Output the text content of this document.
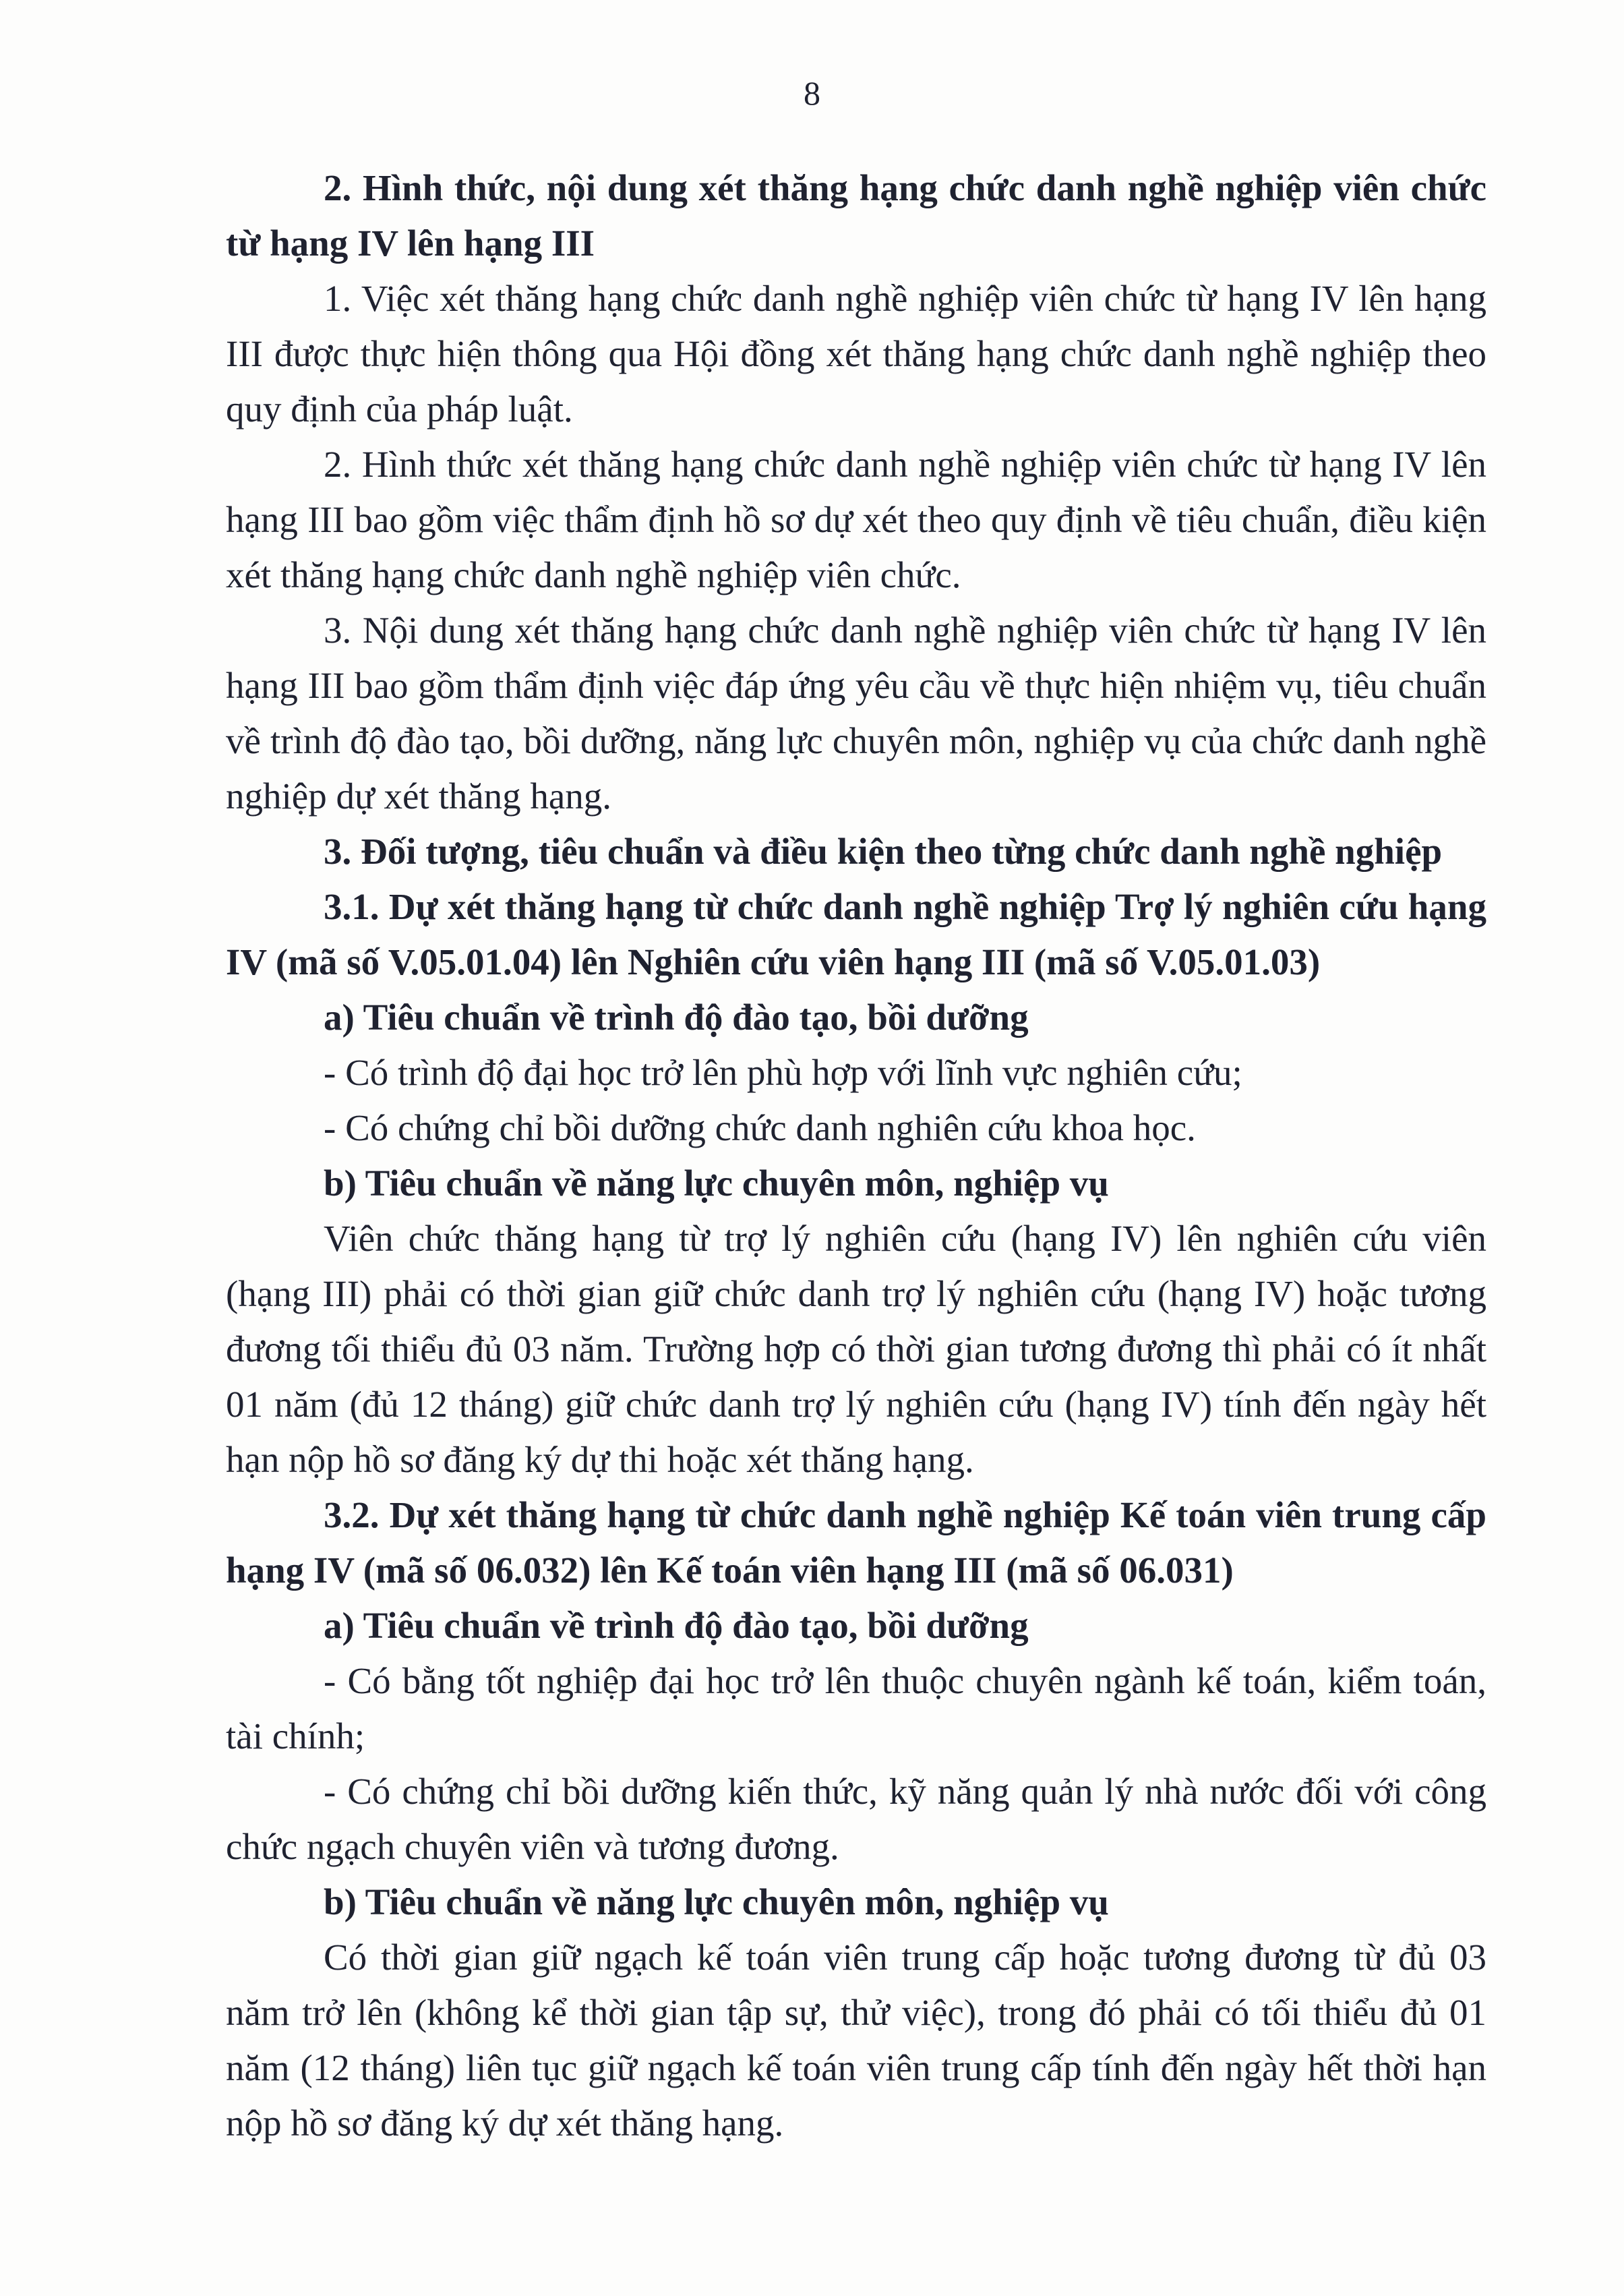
8

2. Hình thức, nội dung xét thăng hạng chức danh nghề nghiệp viên chức từ hạng IV lên hạng III

1. Việc xét thăng hạng chức danh nghề nghiệp viên chức từ hạng IV lên hạng III được thực hiện thông qua Hội đồng xét thăng hạng chức danh nghề nghiệp theo quy định của pháp luật.

2. Hình thức xét thăng hạng chức danh nghề nghiệp viên chức từ hạng IV lên hạng III bao gồm việc thẩm định hồ sơ dự xét theo quy định về tiêu chuẩn, điều kiện xét thăng hạng chức danh nghề nghiệp viên chức.

3. Nội dung xét thăng hạng chức danh nghề nghiệp viên chức từ hạng IV lên hạng III bao gồm thẩm định việc đáp ứng yêu cầu về thực hiện nhiệm vụ, tiêu chuẩn về trình độ đào tạo, bồi dưỡng, năng lực chuyên môn, nghiệp vụ của chức danh nghề nghiệp dự xét thăng hạng.

3. Đối tượng, tiêu chuẩn và điều kiện theo từng chức danh nghề nghiệp

3.1. Dự xét thăng hạng từ chức danh nghề nghiệp Trợ lý nghiên cứu hạng IV (mã số V.05.01.04) lên Nghiên cứu viên hạng III (mã số V.05.01.03)

a) Tiêu chuẩn về trình độ đào tạo, bồi dưỡng

- Có trình độ đại học trở lên phù hợp với lĩnh vực nghiên cứu;

- Có chứng chỉ bồi dưỡng chức danh nghiên cứu khoa học.

b) Tiêu chuẩn về năng lực chuyên môn, nghiệp vụ

Viên chức thăng hạng từ trợ lý nghiên cứu (hạng IV) lên nghiên cứu viên (hạng III) phải có thời gian giữ chức danh trợ lý nghiên cứu (hạng IV) hoặc tương đương tối thiểu đủ 03 năm. Trường hợp có thời gian tương đương thì phải có ít nhất 01 năm (đủ 12 tháng) giữ chức danh trợ lý nghiên cứu (hạng IV) tính đến ngày hết hạn nộp hồ sơ đăng ký dự thi hoặc xét thăng hạng.

3.2. Dự xét thăng hạng từ chức danh nghề nghiệp Kế toán viên trung cấp hạng IV (mã số 06.032) lên Kế toán viên hạng III (mã số 06.031)

a) Tiêu chuẩn về trình độ đào tạo, bồi dưỡng

- Có bằng tốt nghiệp đại học trở lên thuộc chuyên ngành kế toán, kiểm toán, tài chính;

- Có chứng chỉ bồi dưỡng kiến thức, kỹ năng quản lý nhà nước đối với công chức ngạch chuyên viên và tương đương.

b) Tiêu chuẩn về năng lực chuyên môn, nghiệp vụ

Có thời gian giữ ngạch kế toán viên trung cấp hoặc tương đương từ đủ 03 năm trở lên (không kể thời gian tập sự, thử việc), trong đó phải có tối thiểu đủ 01 năm (12 tháng) liên tục giữ ngạch kế toán viên trung cấp tính đến ngày hết thời hạn nộp hồ sơ đăng ký dự xét thăng hạng.
